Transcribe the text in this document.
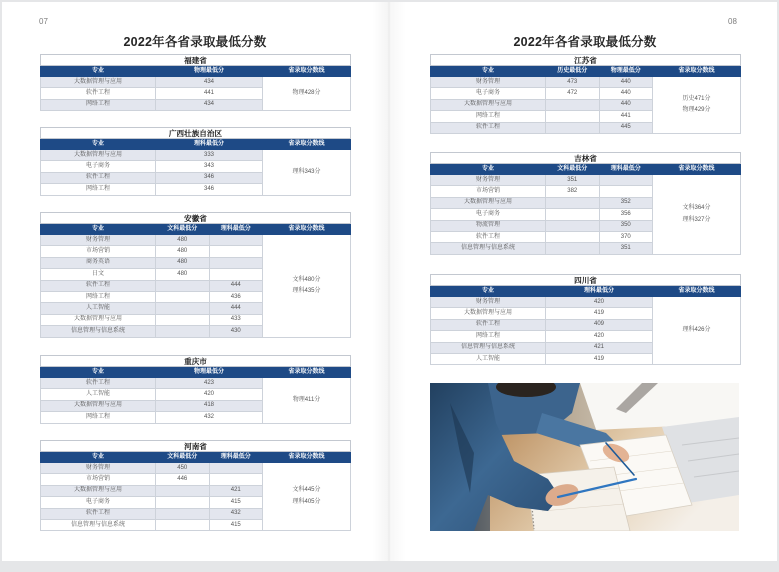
07
2022年各省录取最低分数
福建省		
专业	物理最低分	省录取分数线
大数据管理与应用	434	物理428分

软件工程	441	
网络工程	434	
广西壮族自治区		
专业	理科最低分	省录取分数线
大数据管理与应用	333	理科343分

电子商务	343	
软件工程	346	
网络工程	346	
安徽省			
专业	文科最低分	理科最低分	省录取分数线
财务管理	480		文科480分
理科435分

市场营销	480		
商务英语	480		
日文	480		
软件工程		444	
网络工程		436	
人工智能		444	
大数据管理与应用		433	
信息管理与信息系统		430	
重庆市		
专业	物理最低分	省录取分数线
软件工程	423	物理411分

人工智能	420	
大数据管理与应用	418	
网络工程	432	
河南省			
专业	文科最低分	理科最低分	省录取分数线
财务管理	450		文科445分
理科405分

市场营销	446		
大数据管理与应用		421	
电子商务		415	
软件工程		432	
信息管理与信息系统		415	
08
2022年各省录取最低分数
江苏省			
专业	历史最低分	物理最低分	省录取分数线
财务管理	473	440	历史471分
物理429分

电子商务	472	440	
大数据管理与应用		440	
网络工程		441	
软件工程		445	
吉林省			
专业	文科最低分	理科最低分	省录取分数线
财务管理	351		文科364分
理科327分

市场营销	382		
大数据管理与应用		352	
电子商务		356	
物流管理		350	
软件工程		370	
信息管理与信息系统		351	
四川省		
专业	理科最低分	省录取分数线
财务管理	420	理科426分

大数据管理与应用	419	
软件工程	409	
网络工程	420	
信息管理与信息系统	421	
人工智能	419	
